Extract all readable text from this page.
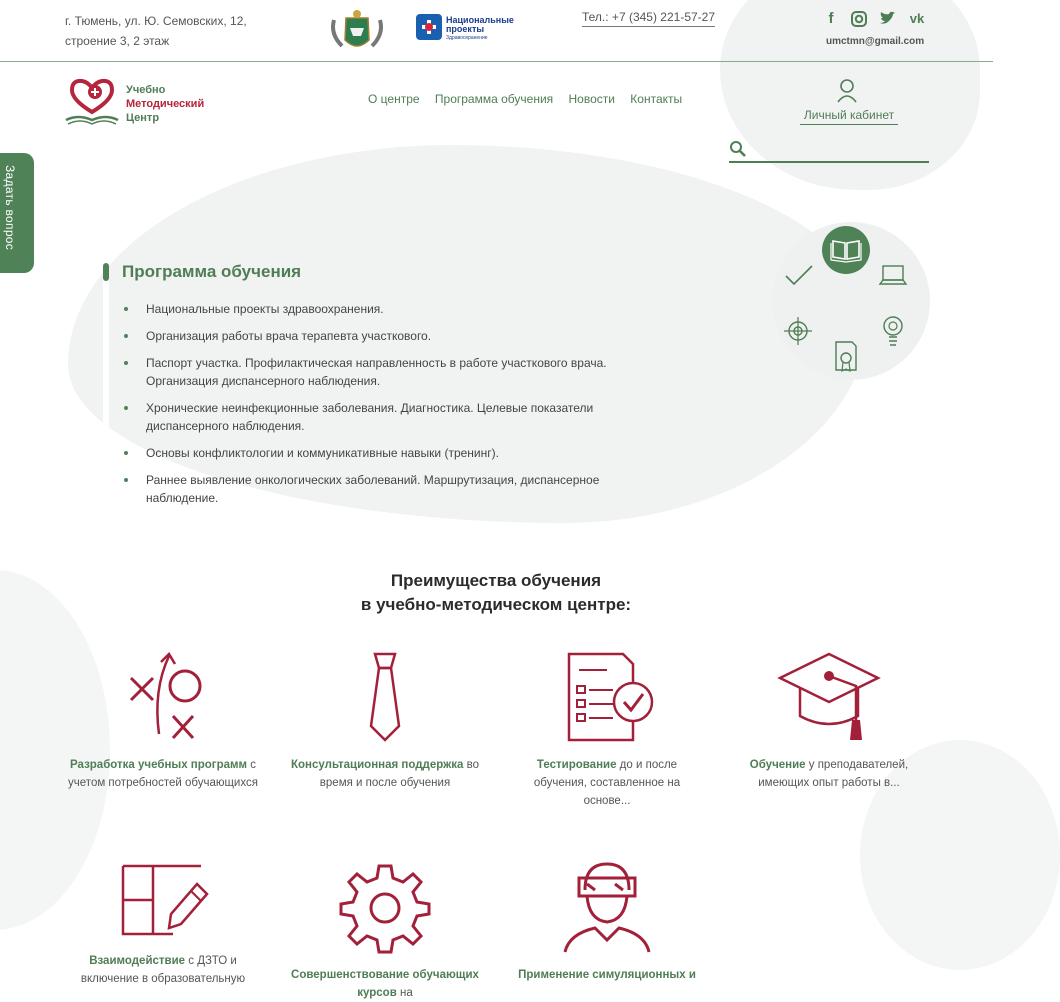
г. Тюмень, ул. Ю. Семовских, 12, строение 3, 2 этаж
Национальные проекты
Здравоохранение
Тел.: +7 (345) 221-57-27	f	vk
umctmn@gmail.com
Учебно
Методический
Центр
О центре Программа обучения Новости Контакты
Личный кабинет
Задать вопрос
Программа обучения
Национальные проекты здравоохранения.
Организация работы врача терапевта участкового.
Паспорт участка. Профилактическая направленность в работе участкового врача. Организация диспансерного наблюдения.
Хронические неинфекционные заболевания. Диагностика. Целевые показатели диспансерного наблюдения.
Основы конфликтологии и коммуникативные навыки (тренинг).
Раннее выявление онкологических заболеваний. Маршрутизация, диспансерное наблюдение.
Преимущества обучения
в учебно-методическом центре:
Разработка учебных программ с учетом потребностей обучающихся
Консультационная поддержка во время и после обучения
Тестирование до и после обучения, составленное на основе...
Обучение у преподавателей, имеющих опыт работы в...
Взаимодействие с ДЗТО и включение в образовательную	Совершенствование обучающих курсов на
Применение симуляционных и
